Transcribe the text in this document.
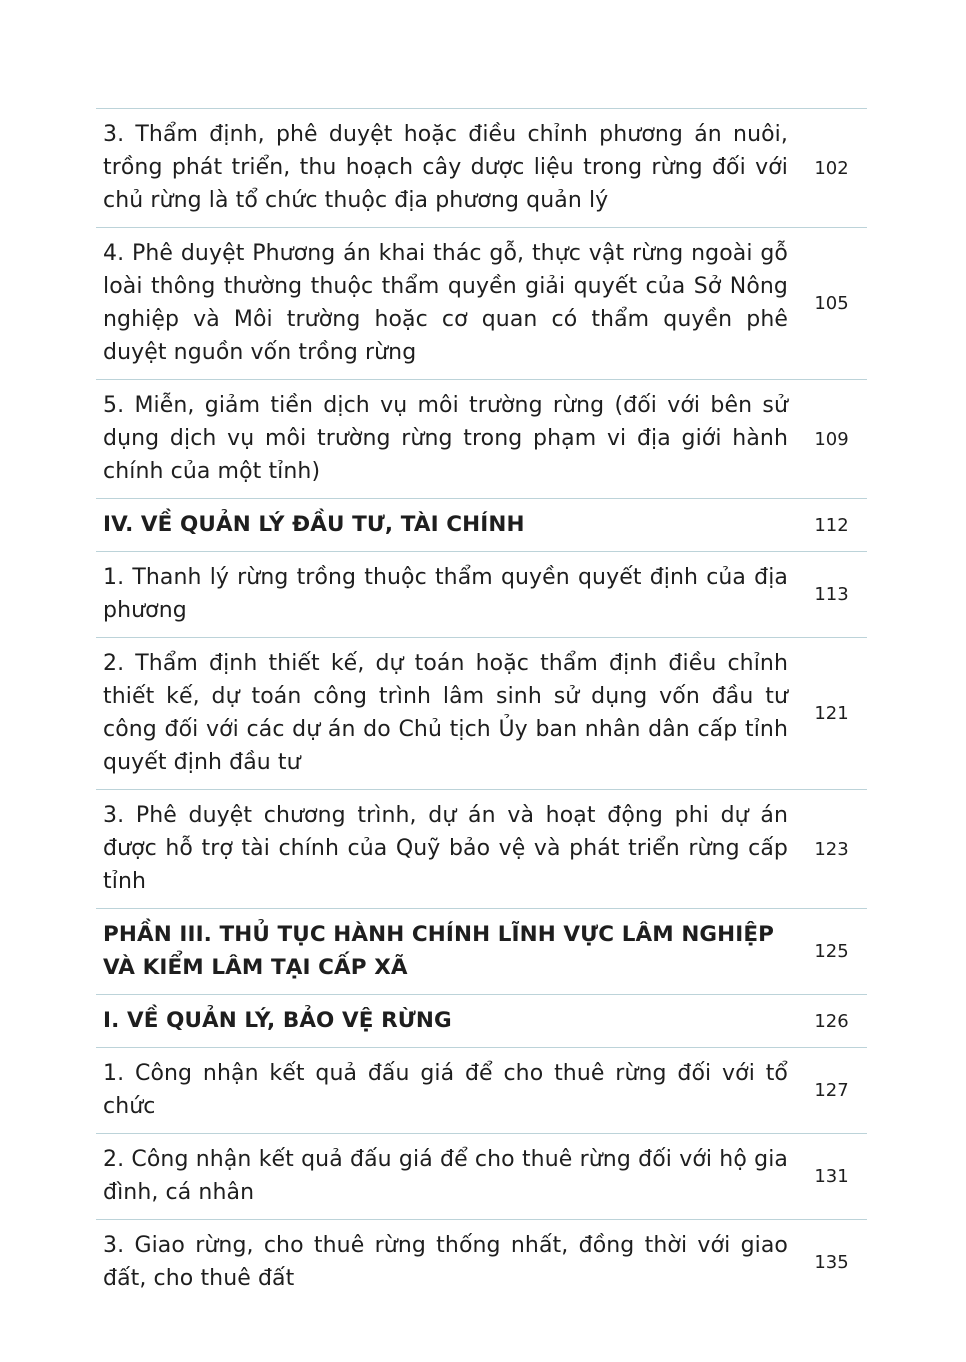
3. Thẩm định, phê duyệt hoặc điều chỉnh phương án nuôi, trồng phát triển, thu hoạch cây dược liệu trong rừng đối với chủ rừng là tổ chức thuộc địa phương quản lý
102
4. Phê duyệt Phương án khai thác gỗ, thực vật rừng ngoài gỗ loài thông thường thuộc thẩm quyền giải quyết của Sở Nông nghiệp và Môi trường hoặc cơ quan có thẩm quyền phê duyệt nguồn vốn trồng rừng
105
5. Miễn, giảm tiền dịch vụ môi trường rừng (đối với bên sử dụng dịch vụ môi trường rừng trong phạm vi địa giới hành chính của một tỉnh)
109
IV. VỀ QUẢN LÝ ĐẦU TƯ, TÀI CHÍNH	112
1. Thanh lý rừng trồng thuộc thẩm quyền quyết định của địa phương
113
2. Thẩm định thiết kế, dự toán hoặc thẩm định điều chỉnh thiết kế, dự toán công trình lâm sinh sử dụng vốn đầu tư công đối với các dự án do Chủ tịch Ủy ban nhân dân cấp tỉnh quyết định đầu tư
121
3. Phê duyệt chương trình, dự án và hoạt động phi dự án được hỗ trợ tài chính của Quỹ bảo vệ và phát triển rừng cấp tỉnh
123
PHẦN III. THỦ TỤC HÀNH CHÍNH LĨNH VỰC LÂM NGHIỆP VÀ KIỂM LÂM TẠI CẤP XÃ
125
I. VỀ QUẢN LÝ, BẢO VỆ RỪNG	126
1. Công nhận kết quả đấu giá để cho thuê rừng đối với tổ chức
127
2. Công nhận kết quả đấu giá để cho thuê rừng đối với hộ gia đình, cá nhân
131
3. Giao rừng, cho thuê rừng thống nhất, đồng thời với giao đất, cho thuê đất
135
